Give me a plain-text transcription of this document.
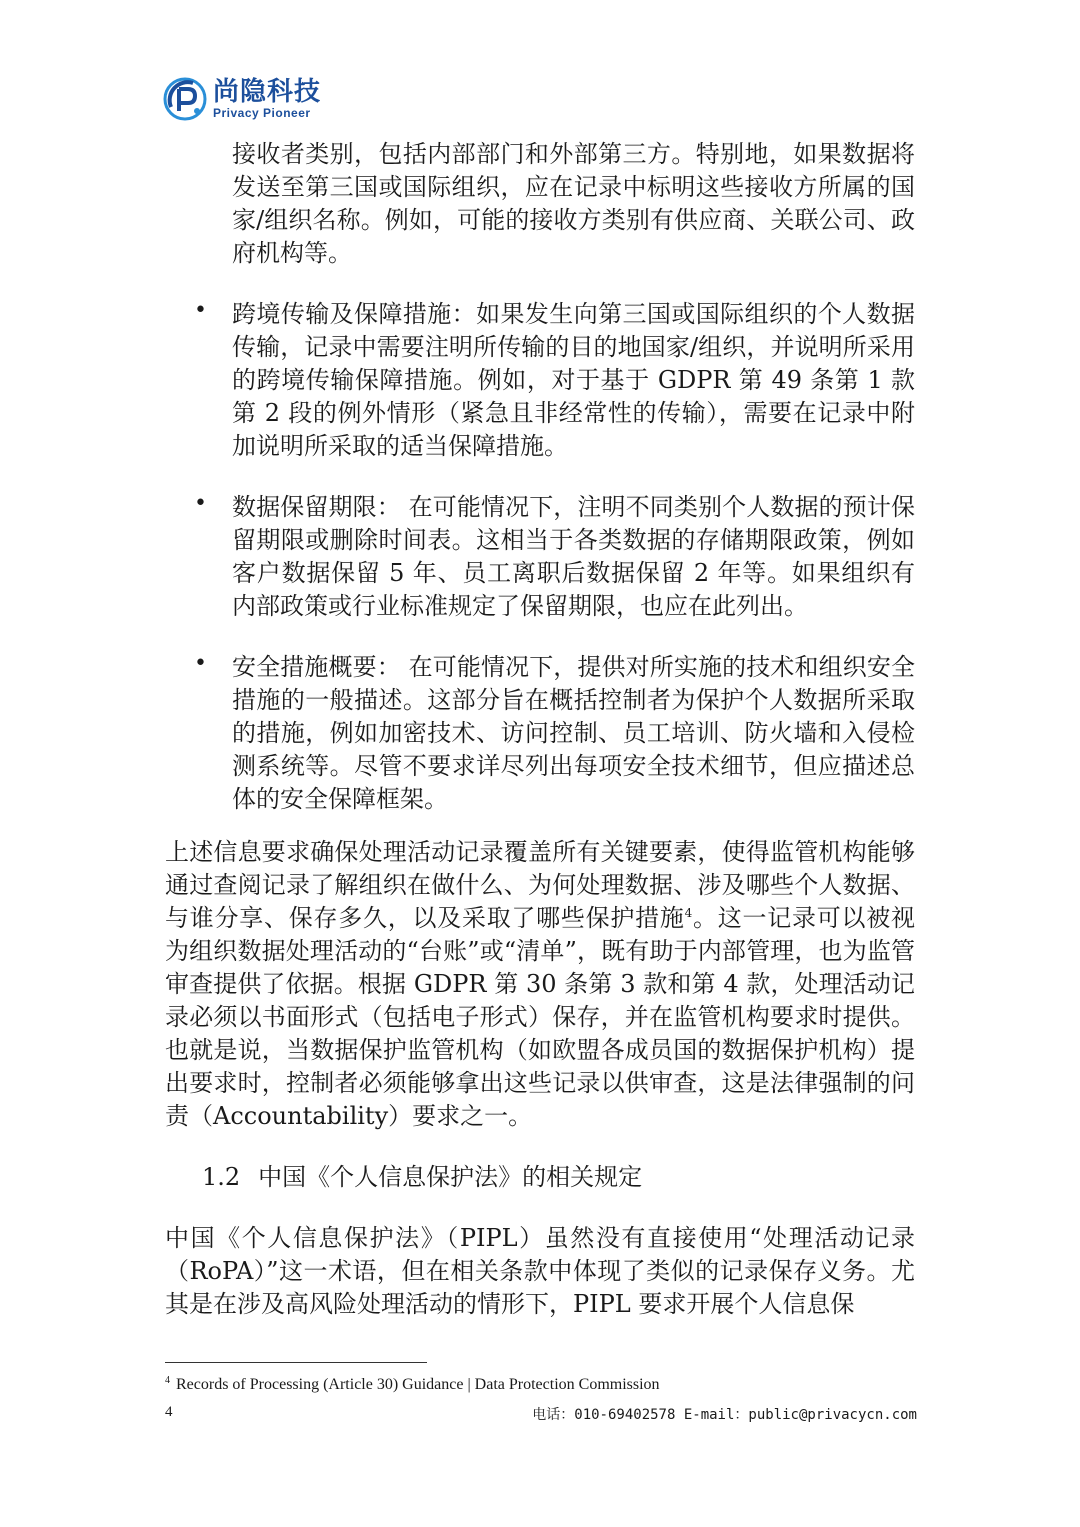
尚隐科技
Privacy Pioneer

接收者类别，包括内部部门和外部第三方。特别地，如果数据将发送至第三国或国际组织，应在记录中标明这些接收方所属的国家/组织名称。例如，可能的接收方类别有供应商、关联公司、政府机构等。

• 跨境传输及保障措施：如果发生向第三国或国际组织的个人数据传输，记录中需要注明所传输的目的地国家/组织，并说明所采用的跨境传输保障措施。例如，对于基于 GDPR 第 49 条第 1 款第 2 段的例外情形（紧急且非经常性的传输），需要在记录中附加说明所采取的适当保障措施。

• 数据保留期限： 在可能情况下，注明不同类别个人数据的预计保留期限或删除时间表。这相当于各类数据的存储期限政策，例如客户数据保留 5 年、员工离职后数据保留 2 年等。如果组织有内部政策或行业标准规定了保留期限，也应在此列出。

• 安全措施概要： 在可能情况下，提供对所实施的技术和组织安全措施的一般描述。这部分旨在概括控制者为保护个人数据所采取的措施，例如加密技术、访问控制、员工培训、防火墙和入侵检测系统等。尽管不要求详尽列出每项安全技术细节，但应描述总体的安全保障框架。

上述信息要求确保处理活动记录覆盖所有关键要素，使得监管机构能够通过查阅记录了解组织在做什么、为何处理数据、涉及哪些个人数据、与谁分享、保存多久，以及采取了哪些保护措施$^4$。这一记录可以被视为组织数据处理活动的“台账”或“清单”，既有助于内部管理，也为监管审查提供了依据。根据 GDPR 第 30 条第 3 款和第 4 款，处理活动记录必须以书面形式（包括电子形式）保存，并在监管机构要求时提供。也就是说，当数据保护监管机构（如欧盟各成员国的数据保护机构）提出要求时，控制者必须能够拿出这些记录以供审查，这是法律强制的问责（Accountability）要求之一。

1.2 中国《个人信息保护法》的相关规定

中国《个人信息保护法》（PIPL）虽然没有直接使用“处理活动记录（RoPA）”这一术语，但在相关条款中体现了类似的记录保存义务。尤其是在涉及高风险处理活动的情形下，PIPL 要求开展个人信息保

$^4$ Records of Processing (Article 30) Guidance | Data Protection Commission
4	电话：010-69402578 E-mail：public@privacycn.com
